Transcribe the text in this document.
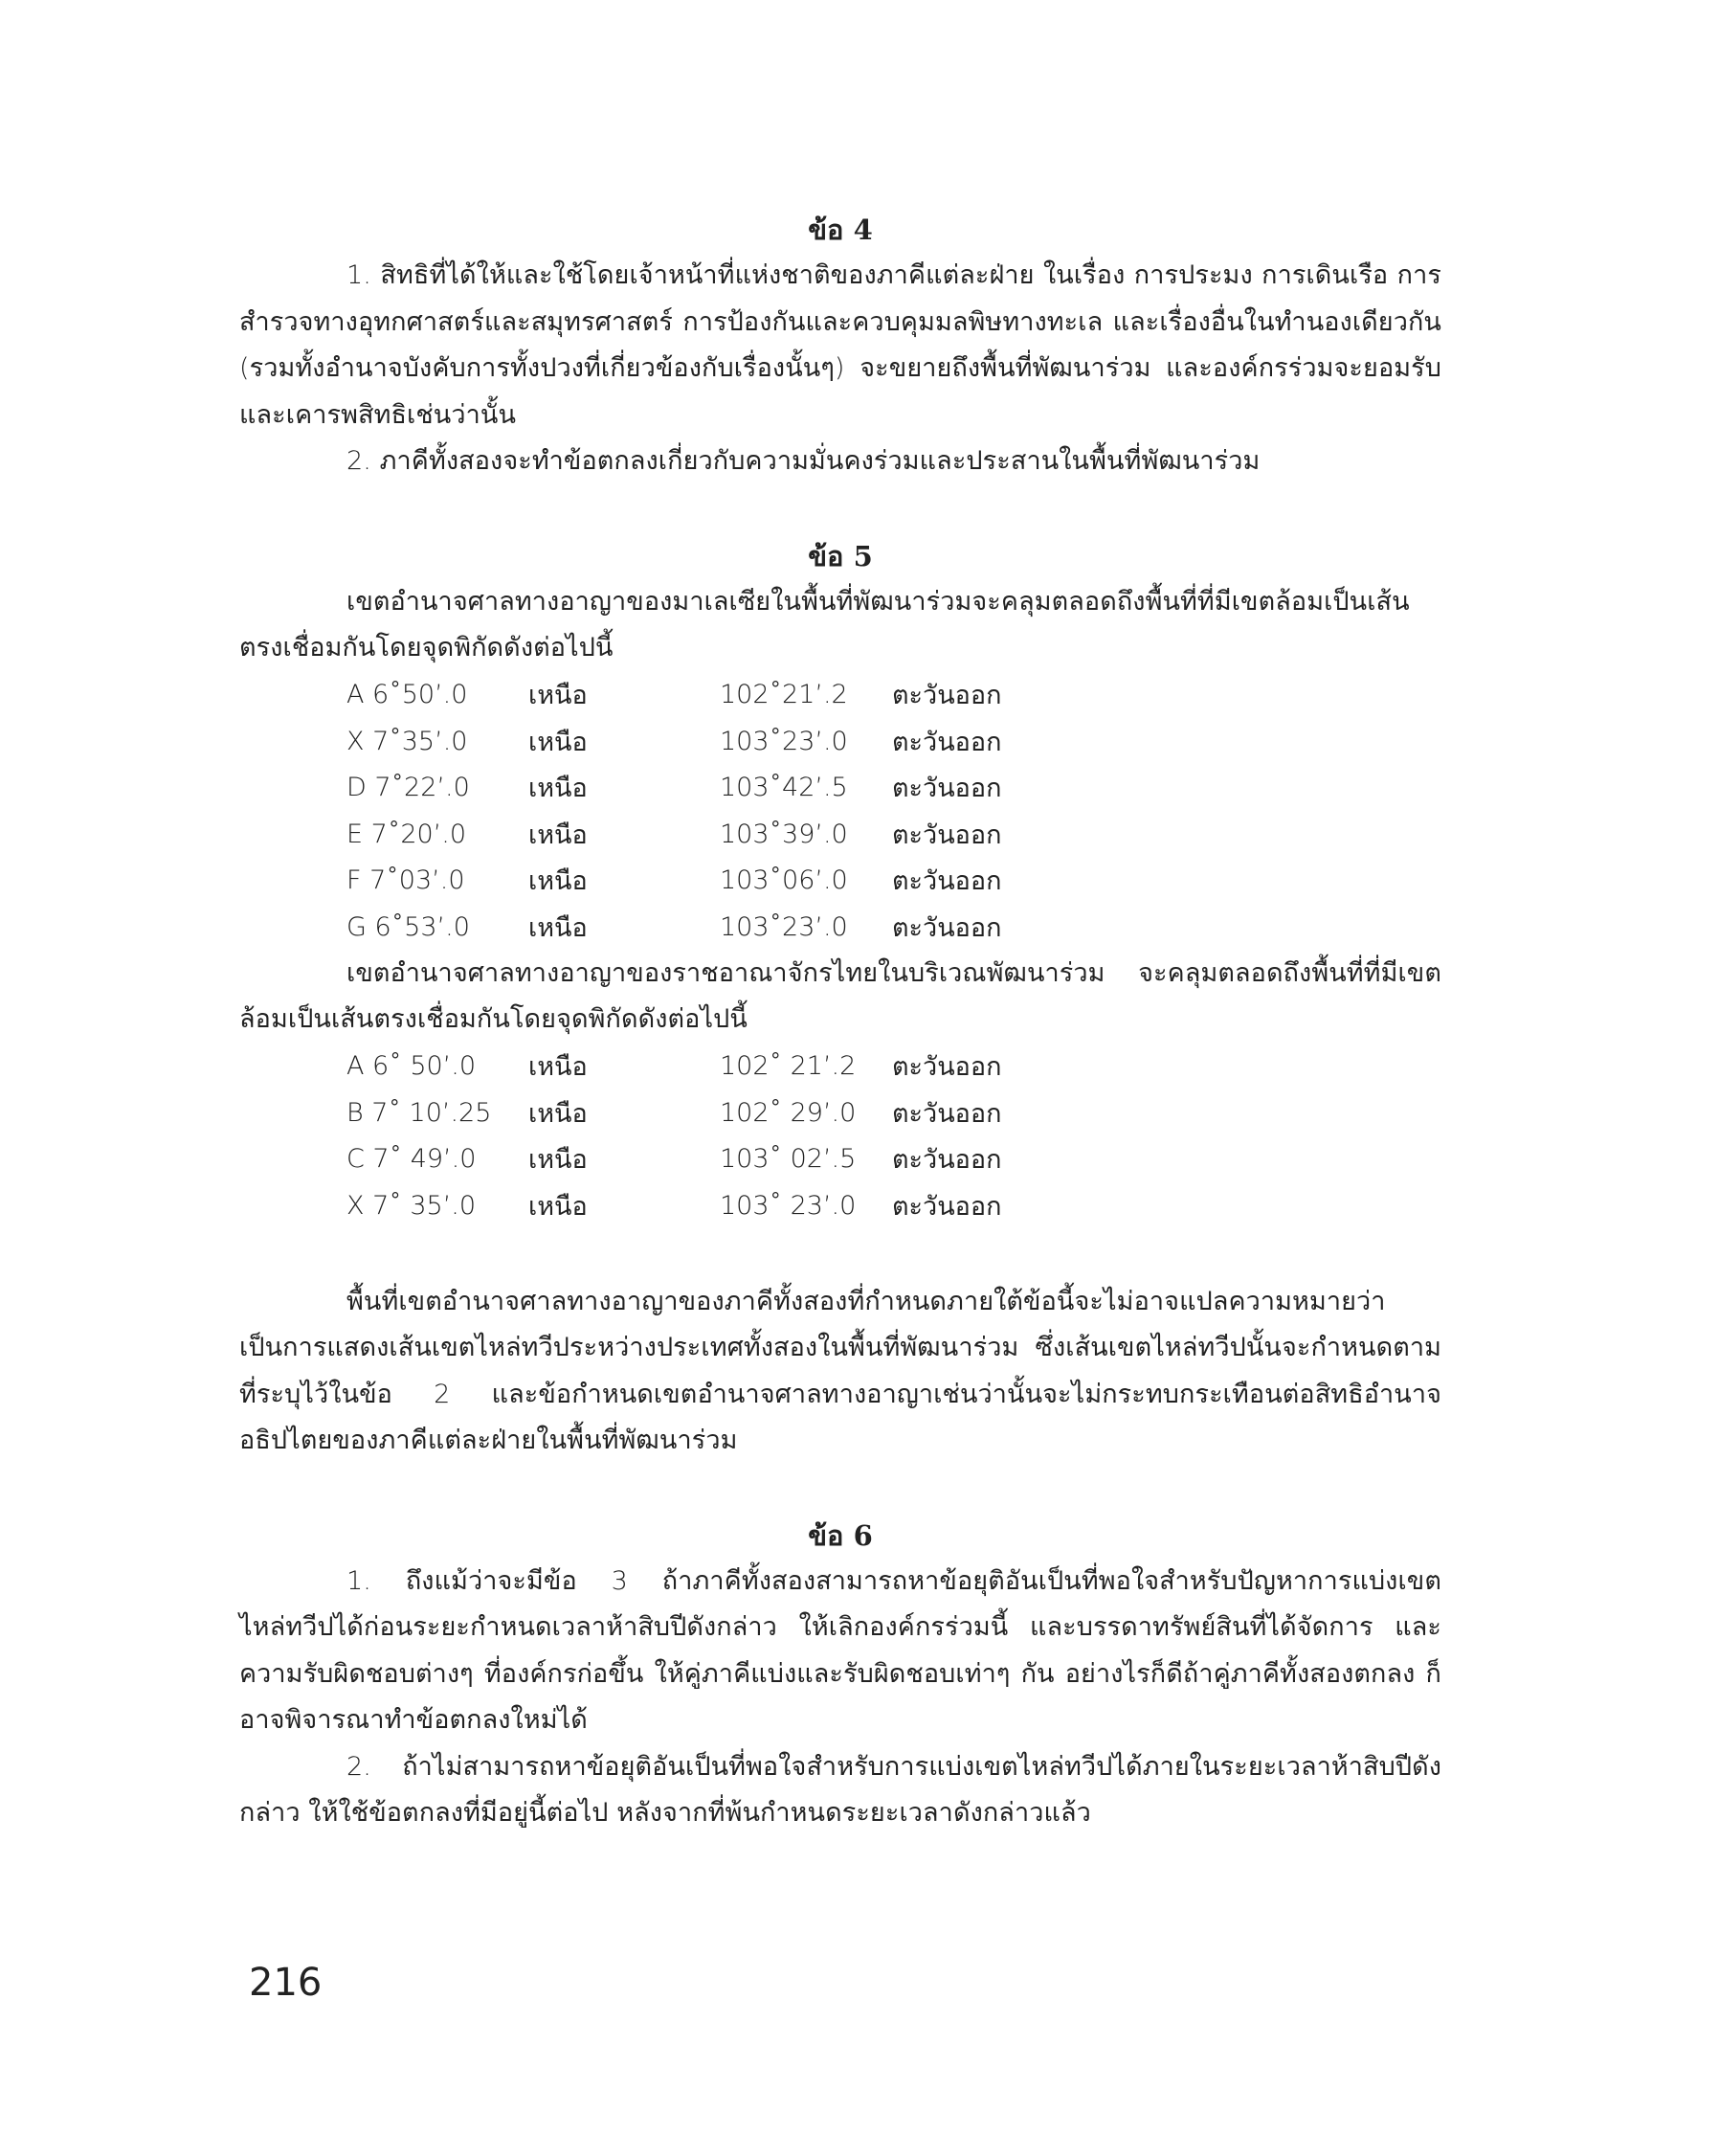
ข้อ 4

1. สิทธิที่ได้ให้และใช้โดยเจ้าหน้าที่แห่งชาติของภาคีแต่ละฝ่าย ในเรื่อง การประมง การเดินเรือ การสำรวจทางอุทกศาสตร์และสมุทรศาสตร์ การป้องกันและควบคุมมลพิษทางทะเล และเรื่องอื่นในทำนองเดียวกัน (รวมทั้งอำนาจบังคับการทั้งปวงที่เกี่ยวข้องกับเรื่องนั้นๆ) จะขยายถึงพื้นที่พัฒนาร่วม และองค์กรร่วมจะยอมรับและเคารพสิทธิเช่นว่านั้น

2. ภาคีทั้งสองจะทำข้อตกลงเกี่ยวกับความมั่นคงร่วมและประสานในพื้นที่พัฒนาร่วม

ข้อ 5

เขตอำนาจศาลทางอาญาของมาเลเซียในพื้นที่พัฒนาร่วมจะคลุมตลอดถึงพื้นที่ที่มีเขตล้อมเป็นเส้นตรงเชื่อมกันโดยจุดพิกัดดังต่อไปนี้

A 6˚50’.0	เหนือ	102˚21’.2	ตะวันออก
X 7˚35’.0	เหนือ	103˚23’.0	ตะวันออก
D 7˚22’.0	เหนือ	103˚42’.5	ตะวันออก
E 7˚20’.0	เหนือ	103˚39’.0	ตะวันออก
F 7˚03’.0	เหนือ	103˚06’.0	ตะวันออก
G 6˚53’.0	เหนือ	103˚23’.0	ตะวันออก

เขตอำนาจศาลทางอาญาของราชอาณาจักรไทยในบริเวณพัฒนาร่วม จะคลุมตลอดถึงพื้นที่ที่มีเขตล้อมเป็นเส้นตรงเชื่อมกันโดยจุดพิกัดดังต่อไปนี้

A 6˚ 50’.0	เหนือ	102˚ 21’.2	ตะวันออก
B 7˚ 10’.25	เหนือ	102˚ 29’.0	ตะวันออก
C 7˚ 49’.0	เหนือ	103˚ 02’.5	ตะวันออก
X 7˚ 35’.0	เหนือ	103˚ 23’.0	ตะวันออก

พื้นที่เขตอำนาจศาลทางอาญาของภาคีทั้งสองที่กำหนดภายใต้ข้อนี้จะไม่อาจแปลความหมายว่าเป็นการแสดงเส้นเขตไหล่ทวีประหว่างประเทศทั้งสองในพื้นที่พัฒนาร่วม ซึ่งเส้นเขตไหล่ทวีปนั้นจะกำหนดตามที่ระบุไว้ในข้อ 2 และข้อกำหนดเขตอำนาจศาลทางอาญาเช่นว่านั้นจะไม่กระทบกระเทือนต่อสิทธิอำนาจอธิปไตยของภาคีแต่ละฝ่ายในพื้นที่พัฒนาร่วม

ข้อ 6

1. ถึงแม้ว่าจะมีข้อ 3 ถ้าภาคีทั้งสองสามารถหาข้อยุติอันเป็นที่พอใจสำหรับปัญหาการแบ่งเขตไหล่ทวีปได้ก่อนระยะกำหนดเวลาห้าสิบปีดังกล่าว ให้เลิกองค์กรร่วมนี้ และบรรดาทรัพย์สินที่ได้จัดการ และความรับผิดชอบต่างๆ ที่องค์กรก่อขึ้น ให้คู่ภาคีแบ่งและรับผิดชอบเท่าๆ กัน อย่างไรก็ดีถ้าคู่ภาคีทั้งสองตกลง ก็อาจพิจารณาทำข้อตกลงใหม่ได้

2. ถ้าไม่สามารถหาข้อยุติอันเป็นที่พอใจสำหรับการแบ่งเขตไหล่ทวีปได้ภายในระยะเวลาห้าสิบปีดังกล่าว ให้ใช้ข้อตกลงที่มีอยู่นี้ต่อไป หลังจากที่พ้นกำหนดระยะเวลาดังกล่าวแล้ว

216
